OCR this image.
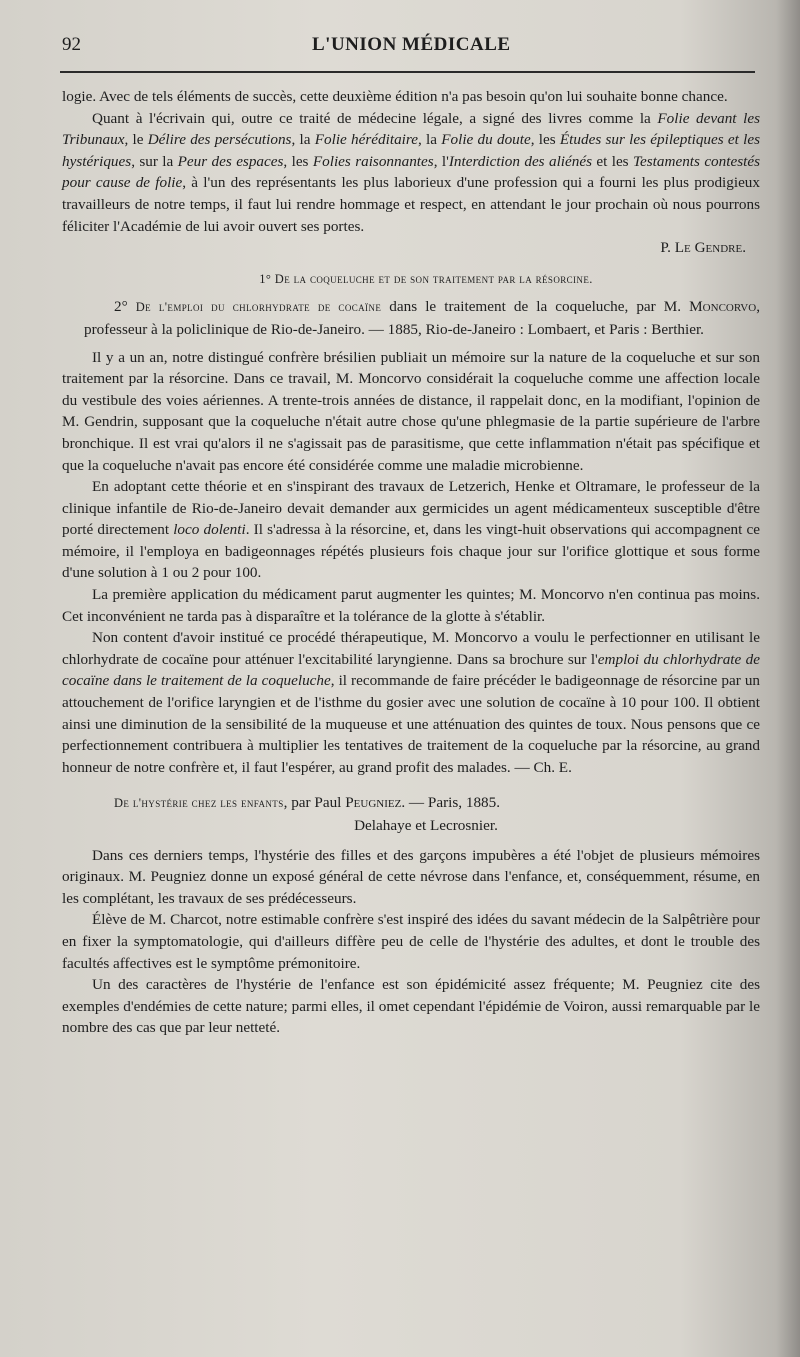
92	L'UNION MÉDICALE

logie. Avec de tels éléments de succès, cette deuxième édition n'a pas besoin qu'on lui souhaite bonne chance.

Quant à l'écrivain qui, outre ce traité de médecine légale, a signé des livres comme la Folie devant les Tribunaux, le Délire des persécutions, la Folie héréditaire, la Folie du doute, les Études sur les épileptiques et les hystériques, sur la Peur des espaces, les Folies raisonnantes, l'Interdiction des aliénés et les Testaments contestés pour cause de folie, à l'un des représentants les plus laborieux d'une profession qui a fourni les plus prodigieux travailleurs de notre temps, il faut lui rendre hommage et respect, en attendant le jour prochain où nous pourrons féliciter l'Académie de lui avoir ouvert ses portes.

P. Le Gendre.

1° De la coqueluche et de son traitement par la résorcine.

2° De l'emploi du chlorhydrate de cocaïne dans le traitement de la coqueluche, par M. Moncorvo, professeur à la policlinique de Rio-de-Janeiro. — 1885, Rio-de-Janeiro : Lombaert, et Paris : Berthier.

Il y a un an, notre distingué confrère brésilien publiait un mémoire sur la nature de la coqueluche et sur son traitement par la résorcine. Dans ce travail, M. Moncorvo considérait la coqueluche comme une affection locale du vestibule des voies aériennes. A trente-trois années de distance, il rappelait donc, en la modifiant, l'opinion de M. Gendrin, supposant que la coqueluche n'était autre chose qu'une phlegmasie de la partie supérieure de l'arbre bronchique. Il est vrai qu'alors il ne s'agissait pas de parasitisme, que cette inflammation n'était pas spécifique et que la coqueluche n'avait pas encore été considérée comme une maladie microbienne.

En adoptant cette théorie et en s'inspirant des travaux de Letzerich, Henke et Oltramare, le professeur de la clinique infantile de Rio-de-Janeiro devait demander aux germicides un agent médicamenteux susceptible d'être porté directement loco dolenti. Il s'adressa à la résorcine, et, dans les vingt-huit observations qui accompagnent ce mémoire, il l'employa en badigeonnages répétés plusieurs fois chaque jour sur l'orifice glottique et sous forme d'une solution à 1 ou 2 pour 100.

La première application du médicament parut augmenter les quintes; M. Moncorvo n'en continua pas moins. Cet inconvénient ne tarda pas à disparaître et la tolérance de la glotte à s'établir.

Non content d'avoir institué ce procédé thérapeutique, M. Moncorvo a voulu le perfectionner en utilisant le chlorhydrate de cocaïne pour atténuer l'excitabilité laryngienne. Dans sa brochure sur l'emploi du chlorhydrate de cocaïne dans le traitement de la coqueluche, il recommande de faire précéder le badigeonnage de résorcine par un attouchement de l'orifice laryngien et de l'isthme du gosier avec une solution de cocaïne à 10 pour 100. Il obtient ainsi une diminution de la sensibilité de la muqueuse et une atténuation des quintes de toux. Nous pensons que ce perfectionnement contribuera à multiplier les tentatives de traitement de la coqueluche par la résorcine, au grand honneur de notre confrère et, il faut l'espérer, au grand profit des malades. — Ch. E.

De l'hystérie chez les enfants, par Paul Peugniez. — Paris, 1885.

Delahaye et Lecrosnier.

Dans ces derniers temps, l'hystérie des filles et des garçons impubères a été l'objet de plusieurs mémoires originaux. M. Peugniez donne un exposé général de cette névrose dans l'enfance, et, conséquemment, résume, en les complétant, les travaux de ses prédécesseurs.

Élève de M. Charcot, notre estimable confrère s'est inspiré des idées du savant médecin de la Salpêtrière pour en fixer la symptomatologie, qui d'ailleurs diffère peu de celle de l'hystérie des adultes, et dont le trouble des facultés affectives est le symptôme prémonitoire.

Un des caractères de l'hystérie de l'enfance est son épidémicité assez fréquente; M. Peugniez cite des exemples d'endémies de cette nature; parmi elles, il omet cependant l'épidémie de Voiron, aussi remarquable par le nombre des cas que par leur netteté.
